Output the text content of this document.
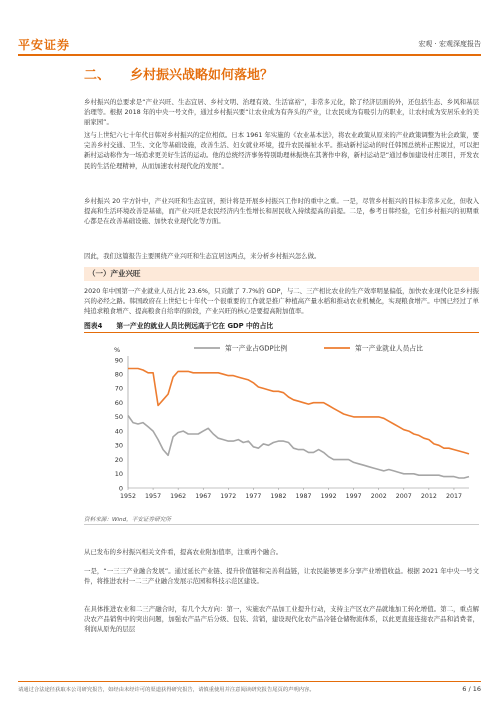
平安证券	宏观 · 宏观深度报告
二、 乡村振兴战略如何落地？
乡村振兴的总要求是“产业兴旺、生态宜居、乡村文明、治理有效、生活富裕”，非常多元化，除了经济层面的外，还包括生态、乡风和基层治理等。根据 2018 年的中央一号文件，通过乡村振兴要“让农业成为有奔头的产业，让农民成为有吸引力的职业，让农村成为安居乐业的美丽家园”。
这与上世纪六七十年代日韩对乡村振兴的定位相似。日本 1961 年实施的《农业基本法》，将农业政策从原来的产业政策调整为社会政策，要完善乡村交通、卫生、文化等基础设施，改善生活、妇女就业环境，提升农民福祉水平。推动新村运动的时任韩国总统朴正熙说过，可以把新村运动称作为一场追求更美好生活的运动。他的总统经济事务特别助理林振焕在其著作中称，新村运动是“通过参加建设村庄项目，开发农民的生活伦理精神，从而加速农村现代化的发展”。
乡村振兴 20 字方针中，产业兴旺和生态宜居，预计将是开展乡村振兴工作时的重中之重。一是，尽管乡村振兴的目标非常多元化，但收入提高和生活环境改善是基础，而产业兴旺是农民经济内生性增长和居民收入持续提高的前提。二是，参考日韩经验，它们乡村振兴的初期重心都是在改善基础设施、加快农业现代化等方面。
因此，我们这篇报告主要围绕产业兴旺和生态宜居这两点，来分析乡村振兴怎么做。
（一）产业兴旺
2020 年中国第一产业就业人员占比 23.6%，只贡献了 7.7%的 GDP，与二、三产相比农业的生产效率明显偏低，加快农业现代化是乡村振兴的必经之路。韩国政府在上世纪七十年代一个很重要的工作就是推广种植高产量水稻和推动农业机械化，实现粮食增产。中国已经过了单纯追求粮食增产、提高粮食自给率的阶段，产业兴旺的核心是要提高附加值率。
图表4 第一产业的就业人员比例远高于它在 GDP 中的占比
%
0
10
20
30
40
50
60
70
80
90
1952 1957 1962 1967 1972 1977 1982 1987 1992 1997 2002 2007 2012 2017
第一产业占GDP比例	第一产业就业人员占比
资料来源：Wind，平安证券研究所
从已发布的乡村振兴相关文件看，提高农业附加值率，注重再个融合。
一是，“一三三产业融合发展”。通过延长产业链、提升价值链和完善利益链，让农民能够更多分享产业增值收益。根据 2021 年中央一号文件，将推进农村一二三产业融合发展示范园和科技示范区建设。
在具体推进农业和二三产融合时，有几个大方向：第一，实施农产品加工业提升行动，支持主产区农产品就地加工转化增值。第二，重点解决农产品销售中的突出问题，加强农产品产后分级、包装、营销，建设现代化农产品冷链仓储物流体系，以此更直接连接农产品和消费者，利润从原先的层层
请通过合法途径获取本公司研究报告，如经由未经许可的渠道获得研究报告，请慎重使用并注意阅读研究报告尾页的声明内容。	6 / 16
